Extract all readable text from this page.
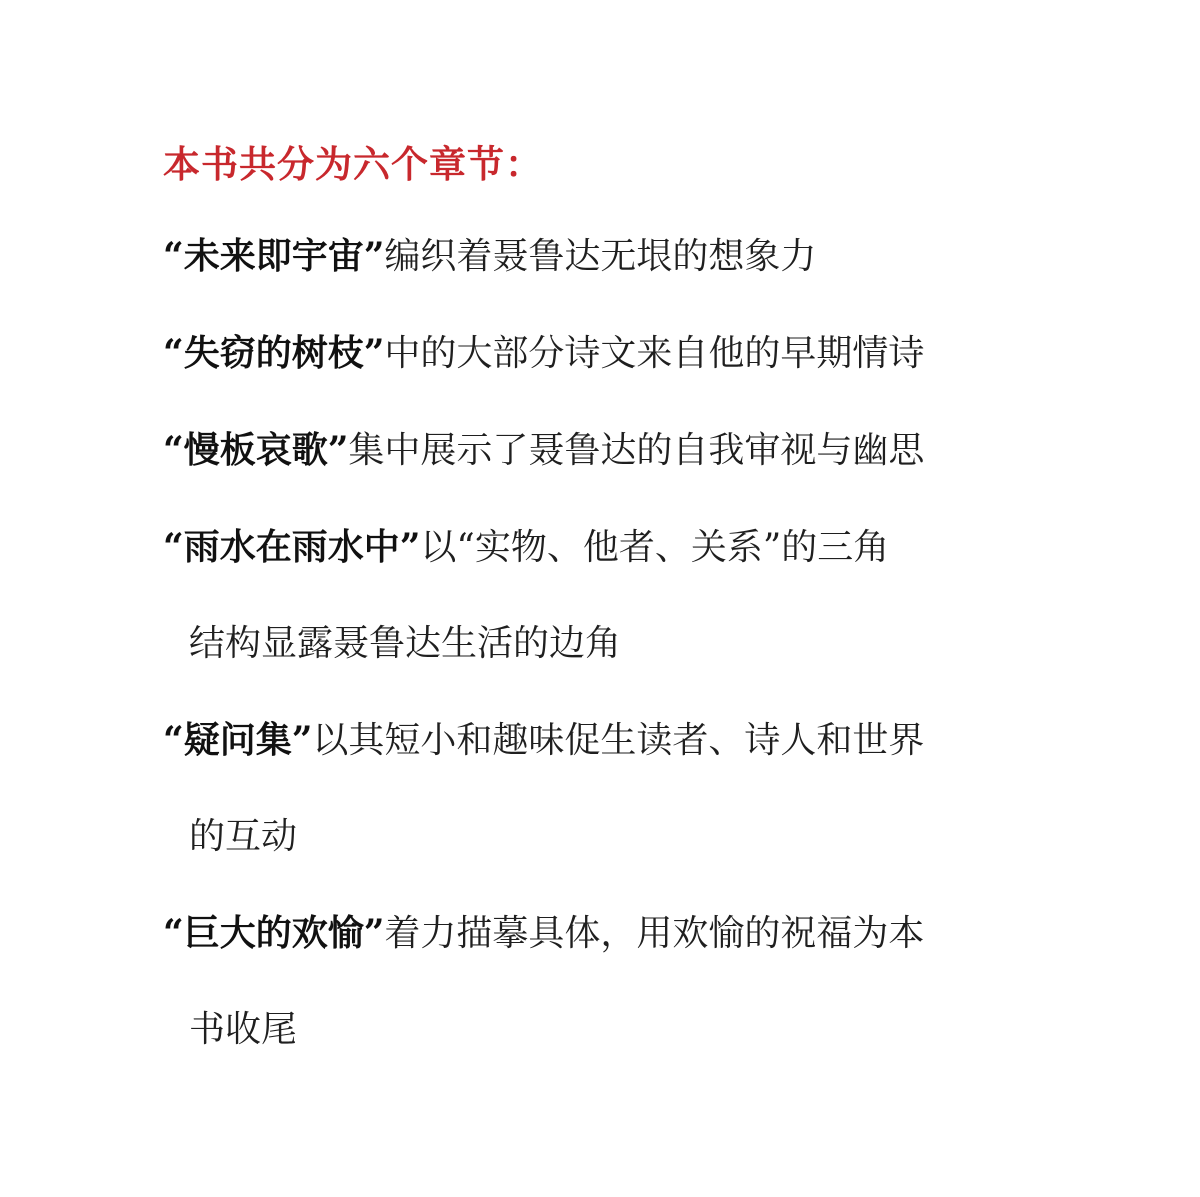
本书共分为六个章节：
“未来即宇宙”编织着聂鲁达无垠的想象力
“失窃的树枝”中的大部分诗文来自他的早期情诗
“慢板哀歌”集中展示了聂鲁达的自我审视与幽思
“雨水在雨水中”以“实物、他者、关系”的三角
结构显露聂鲁达生活的边角
“疑问集”以其短小和趣味促生读者、诗人和世界
的互动
“巨大的欢愉”着力描摹具体，用欢愉的祝福为本
书收尾
